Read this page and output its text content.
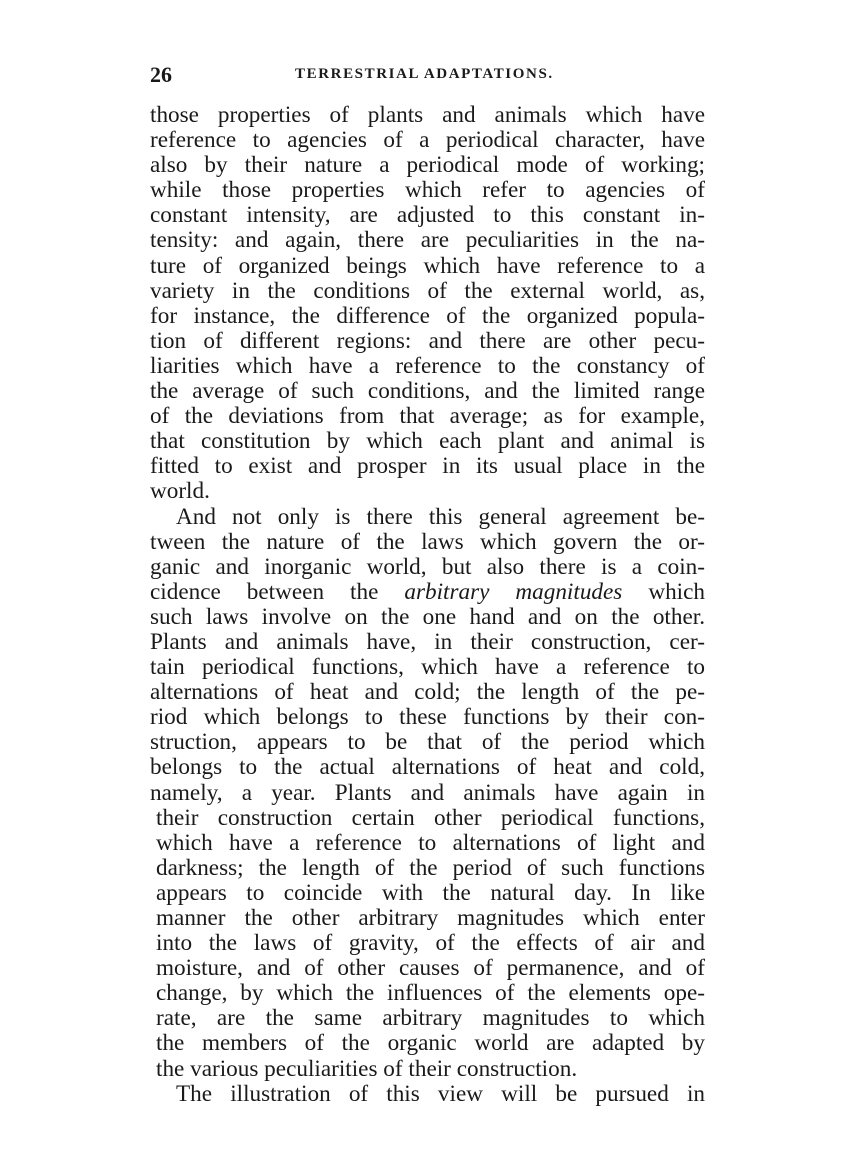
26	TERRESTRIAL ADAPTATIONS.
those properties of plants and animals which have
reference to agencies of a periodical character, have
also by their nature a periodical mode of working;
while those properties which refer to agencies of
constant intensity, are adjusted to this constant in-
tensity: and again, there are peculiarities in the na-
ture of organized beings which have reference to a
variety in the conditions of the external world, as,
for instance, the difference of the organized popula-
tion of different regions: and there are other pecu-
liarities which have a reference to the constancy of
the average of such conditions, and the limited range
of the deviations from that average; as for example,
that constitution by which each plant and animal is
fitted to exist and prosper in its usual place in the
world.
And not only is there this general agreement be-
tween the nature of the laws which govern the or-
ganic and inorganic world, but also there is a coin-
cidence between the arbitrary magnitudes which
such laws involve on the one hand and on the other.
Plants and animals have, in their construction, cer-
tain periodical functions, which have a reference to
alternations of heat and cold; the length of the pe-
riod which belongs to these functions by their con-
struction, appears to be that of the period which
belongs to the actual alternations of heat and cold,
namely, a year. Plants and animals have again in
their construction certain other periodical functions,
which have a reference to alternations of light and
darkness; the length of the period of such functions
appears to coincide with the natural day. In like
manner the other arbitrary magnitudes which enter
into the laws of gravity, of the effects of air and
moisture, and of other causes of permanence, and of
change, by which the influences of the elements ope-
rate, are the same arbitrary magnitudes to which
the members of the organic world are adapted by
the various peculiarities of their construction.
The illustration of this view will be pursued in
